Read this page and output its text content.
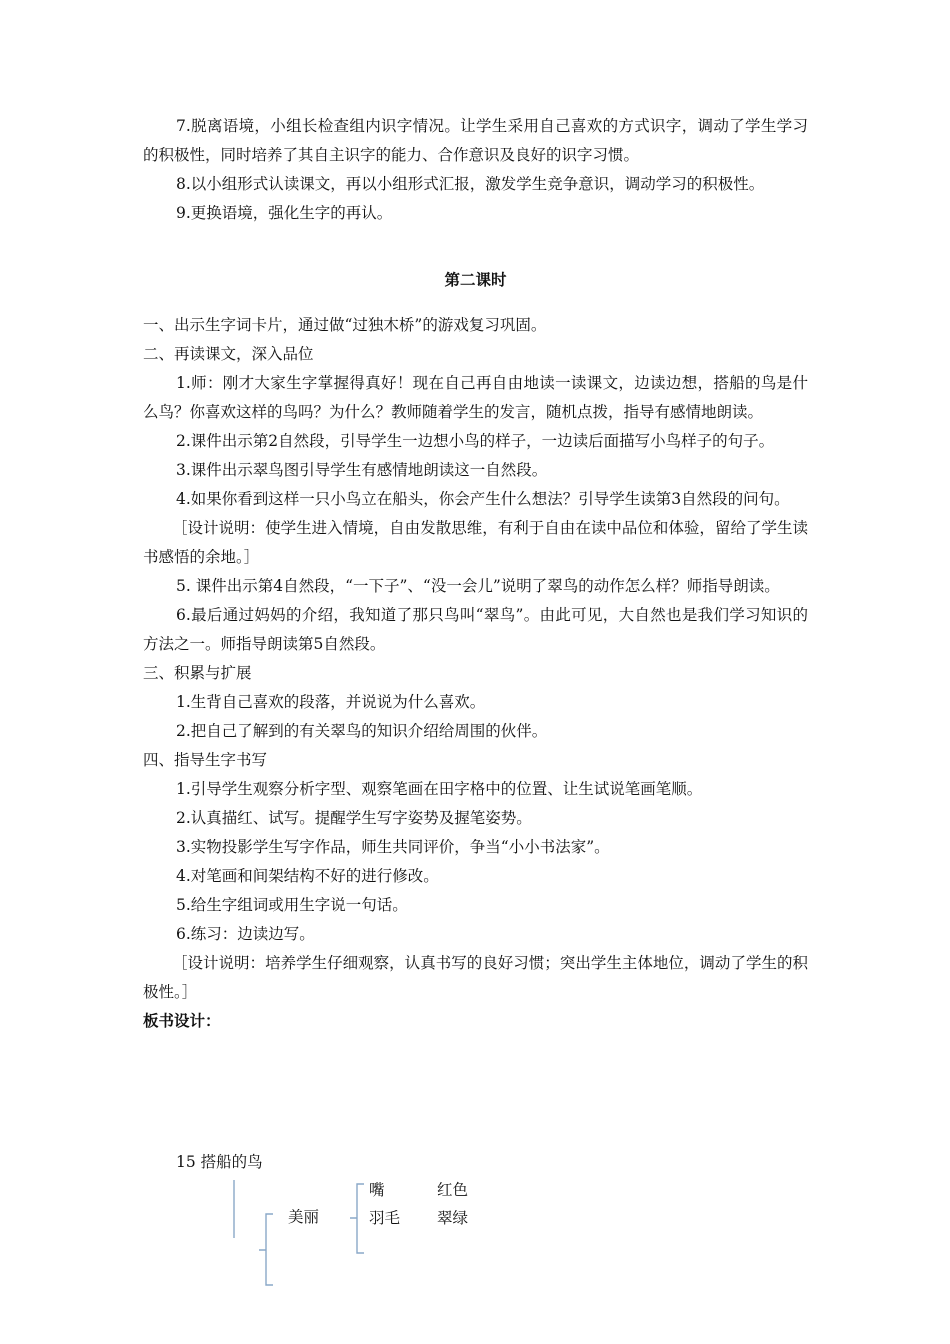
7.脱离语境，小组长检查组内识字情况。让学生采用自己喜欢的方式识字，调动了学生学习的积极性，同时培养了其自主识字的能力、合作意识及良好的识字习惯。

8.以小组形式认读课文，再以小组形式汇报，激发学生竞争意识，调动学习的积极性。

9.更换语境，强化生字的再认。

第二课时

一、出示生字词卡片，通过做“过独木桥”的游戏复习巩固。

二、再读课文，深入品位

1.师：刚才大家生字掌握得真好！现在自己再自由地读一读课文，边读边想，搭船的鸟是什么鸟？你喜欢这样的鸟吗？为什么？教师随着学生的发言，随机点拨，指导有感情地朗读。

2.课件出示第2自然段，引导学生一边想小鸟的样子，一边读后面描写小鸟样子的句子。

3.课件出示翠鸟图引导学生有感情地朗读这一自然段。

4.如果你看到这样一只小鸟立在船头，你会产生什么想法？引导学生读第3自然段的问句。

［设计说明：使学生进入情境，自由发散思维，有利于自由在读中品位和体验，留给了学生读书感悟的余地。］

5. 课件出示第4自然段，“一下子”、“没一会儿”说明了翠鸟的动作怎么样？师指导朗读。

6.最后通过妈妈的介绍，我知道了那只鸟叫“翠鸟”。由此可见，大自然也是我们学习知识的方法之一。师指导朗读第5自然段。

三、积累与扩展

1.生背自己喜欢的段落，并说说为什么喜欢。

2.把自己了解到的有关翠鸟的知识介绍给周围的伙伴。

四、指导生字书写

1.引导学生观察分析字型、观察笔画在田字格中的位置、让生试说笔画笔顺。

2.认真描红、试写。提醒学生写字姿势及握笔姿势。

3.实物投影学生写字作品，师生共同评价，争当“小小书法家”。

4.对笔画和间架结构不好的进行修改。

5.给生字组词或用生字说一句话。

6.练习：边读边写。

［设计说明：培养学生仔细观察，认真书写的良好习惯；突出学生主体地位，调动了学生的积极性。］

板书设计：

15 搭船的鸟
美丽
嘴	红色
羽毛 翠绿
